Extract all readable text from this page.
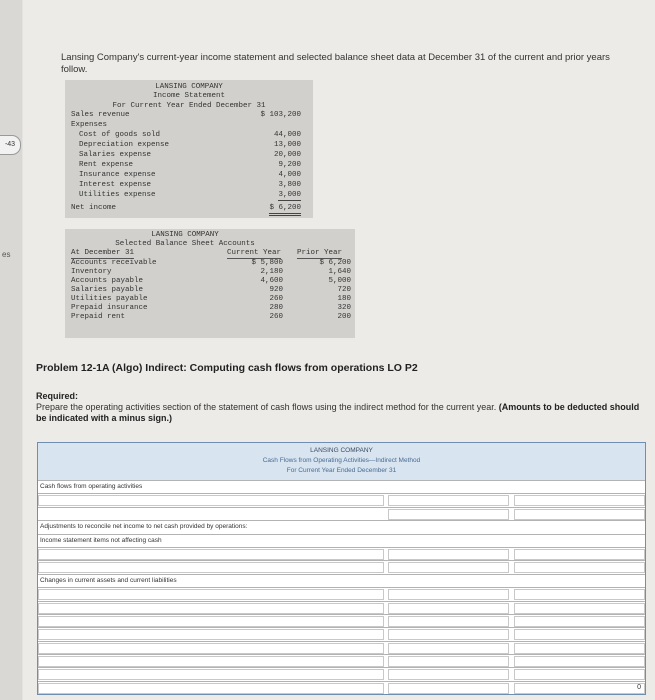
-43
es
Lansing Company's current-year income statement and selected balance sheet data at December 31 of the current and prior years follow.
LANSING COMPANY
Income Statement
For Current Year Ended December 31
Sales revenue	$ 103,200
Expenses
Cost of goods sold	44,000
Depreciation expense	13,000
Salaries expense	20,000
Rent expense	9,200
Insurance expense	4,000
Interest expense	3,800
Utilities expense	3,000
Net income	$ 6,200
LANSING COMPANY
Selected Balance Sheet Accounts
At December 31	Current Year Prior Year
Accounts receivable	$ 5,800	$ 6,200
Inventory	2,180	1,640
Accounts payable	4,600	5,000
Salaries payable	920	720
Utilities payable	260	180
Prepaid insurance	280	320
Prepaid rent	260	200
Problem 12-1A (Algo) Indirect: Computing cash flows from operations LO P2
Required:
Prepare the operating activities section of the statement of cash flows using the indirect method for the current year. (Amounts to be deducted should be indicated with a minus sign.)
LANSING COMPANY
Cash Flows from Operating Activities—Indirect Method
For Current Year Ended December 31
Cash flows from operating activities
Adjustments to reconcile net income to net cash provided by operations:
Income statement items not affecting cash
Changes in current assets and current liabilities
0
